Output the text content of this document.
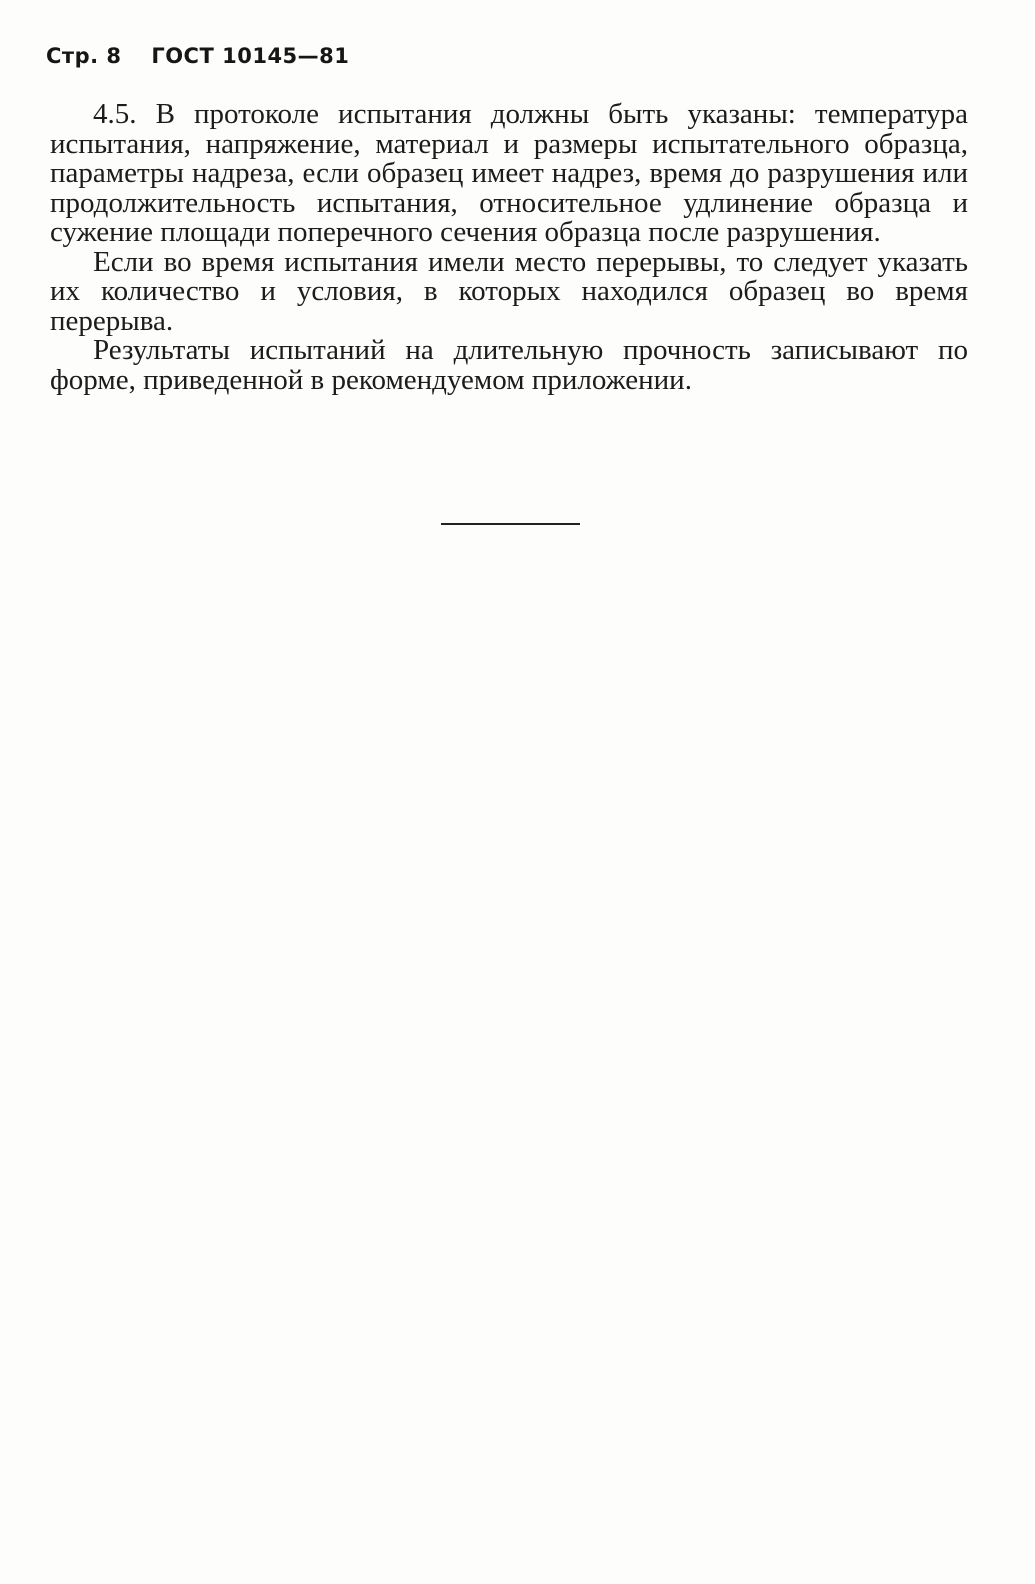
Стр. 8 ГОСТ 10145—81

4.5. В протоколе испытания должны быть указаны: температура испытания, напряжение, материал и размеры испытательного образца, параметры надреза, если образец имеет надрез, время до разрушения или продолжительность испытания, относительное удлинение образца и сужение площади поперечного сечения образца после разрушения.

Если во время испытания имели место перерывы, то следует указать их количество и условия, в которых находился образец во время перерыва.

Результаты испытаний на длительную прочность записывают по форме, приведенной в рекомендуемом приложении.
